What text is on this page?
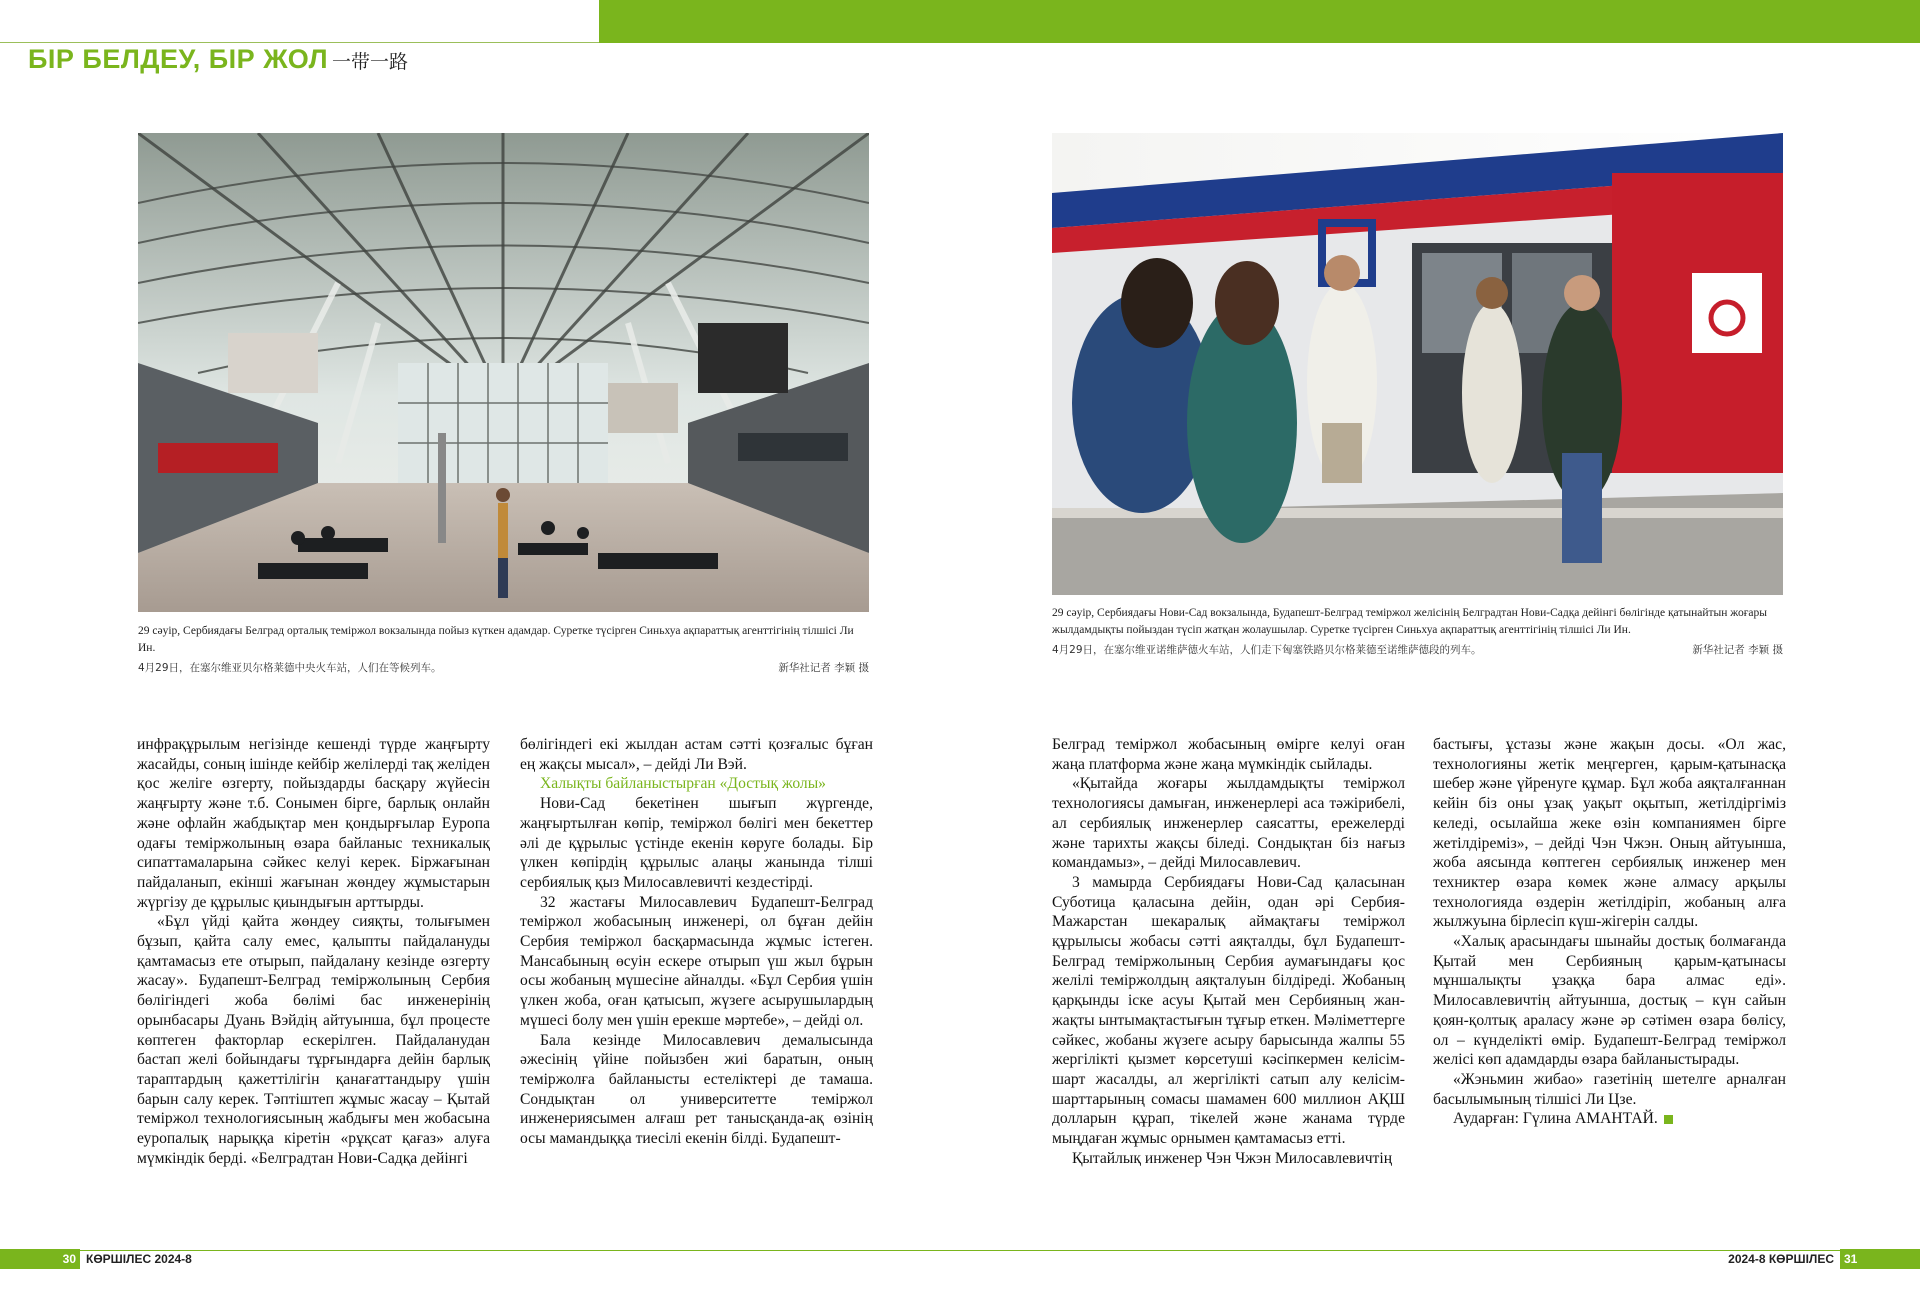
БІР БЕЛДЕУ, БІР ЖОЛ 一带一路
29 сәуір, Сербиядағы Белград орталық теміржол вокзалында пойыз күткен адамдар. Суретке түсірген Синьхуа ақпараттық агенттігінің тілшісі Ли Ин.
4月29日，在塞尔维亚贝尔格莱德中央火车站，人们在等候列车。	新华社记者 李颖 摄
29 сәуір, Сербиядағы Нови-Сад вокзалында, Будапешт-Белград теміржол желісінің Белградтан Нови-Садқа дейінгі бөлігінде қатынайтын жоғары жылдамдықты пойыздан түсіп жатқан жолаушылар. Суретке түсірген Синьхуа ақпараттық агенттігінің тілшісі Ли Ин.
4月29日，在塞尔维亚诺维萨德火车站，人们走下匈塞铁路贝尔格莱德至诺维萨德段的列车。	新华社记者 李颖 摄

инфрақұрылым негізінде кешенді түрде жаңғырту жасайды, соның ішінде кейбір желілерді тақ желіден қос желіге өзгерту, пойыздарды басқару жүйесін жаңғырту және т.б. Сонымен бірге, барлық онлайн және офлайн жабдықтар мен қондырғылар Еуропа одағы теміржолының өзара байланыс техникалық сипаттамаларына сәйкес келуі керек. Біржағынан пайдаланып, екіншi жағынан жөндеу жұмыстарын жүргізу де құрылыс қиындығын арттырды.

«Бұл үйді қайта жөндеу сияқты, толығымен бұзып, қайта салу емес, қалыпты пайдалануды қамтамасыз ете отырып, пайдалану кезінде өзгерту жасау». Будапешт-Белград теміржолының Сербия бөлігіндегі жоба бөлімі бас инженерінің орынбасары Дуань Вэйдің айтуынша, бұл процесте көптеген факторлар ескерілген. Пайдаланудан бастап желі бойындағы тұрғындарға дейін барлық тараптардың қажеттілігін қанағаттандыру үшін барын салу керек. Тәптіштеп жұмыс жасау – Қытай теміржол технологиясының жабдығы мен жобасына еуропалық нарыққа кіретін «рұқсат қағаз» алуға мүмкіндік берді. «Белградтан Нови-Садқа дейінгі

бөлігіндегі екі жылдан астам сәтті қозғалыс бұған ең жақсы мысал», – дейді Ли Вэй.

Халықты байланыстырған «Достық жолы»

Нови-Сад бекетінен шығып жүргенде, жаңғыртылған көпір, теміржол бөлігі мен бекеттер әлі де құрылыс үстінде екенін көруге болады. Бір үлкен көпірдің құрылыс алаңы жанында тілші сербиялық қыз Милосавлевичті кездестірді.

32 жастағы Милосавлевич Будапешт-Белград теміржол жобасының инженері, ол бұған дейін Сербия теміржол басқармасында жұмыс істеген. Мансабының өсуін ескере отырып үш жыл бұрын осы жобаның мүшесіне айналды. «Бұл Сербия үшін үлкен жоба, оған қатысып, жүзеге асырушылардың мүшесі болу мен үшін ерекше мәртебе», – дейді ол.

Бала кезінде Милосавлевич демалысында әжесінің үйіне пойызбен жиі баратын, оның теміржолға байланысты естеліктері де тамаша. Сондықтан ол университетте теміржол инженериясымен алғаш рет танысқанда-ақ өзінің осы мамандыққа тиесілі екенін білді. Будапешт-

Белград теміржол жобасының өмірге келуі оған жаңа платформа және жаңа мүмкіндік сыйлады.

«Қытайда жоғары жылдамдықты теміржол технологиясы дамыған, инженерлері аса тәжірибелі, ал сербиялық инженерлер саясатты, ережелерді және тарихты жақсы біледі. Сондықтан біз нағыз командамыз», – дейді Милосавлевич.

3 мамырда Сербиядағы Нови-Сад қаласынан Суботица қаласына дейін, одан әрі Сербия-Мажарстан шекаралық аймақтағы теміржол құрылысы жобасы сәтті аяқталды, бұл Будапешт-Белград теміржолының Сербия аумағындағы қос желілі теміржолдың аяқталуын білдіреді. Жобаның қарқынды іске асуы Қытай мен Сербияның жан-жақты ынтымақтастығын тұғыр еткен. Мәліметтерге сәйкес, жобаны жүзеге асыру барысында жалпы 55 жергілікті қызмет көрсетуші кәсіпкермен келісім-шарт жасалды, ал жергілікті сатып алу келісім-шарттарының сомасы шамамен 600 миллион АҚШ долларын құрап, тікелей және жанама түрде мыңдаған жұмыс орнымен қамтамасыз етті.

Қытайлық инженер Чэн Чжэн Милосавлевичтің

бастығы, ұстазы және жақын досы. «Ол жас, технологияны жетік меңгерген, қарым-қатынасқа шебер және үйренуге құмар. Бұл жоба аяқталғаннан кейін біз оны ұзақ уақыт оқытып, жетілдіргіміз келеді, осылайша жеке өзін компаниямен бірге жетілдіреміз», – дейді Чэн Чжэн. Оның айтуынша, жоба аясында көптеген сербиялық инженер мен техниктер өзара көмек және алмасу арқылы технологияда өздерін жетілдіріп, жобаның алға жылжуына бірлесіп күш-жігерін салды.

«Халық арасындағы шынайы достық болмағанда Қытай мен Сербияның қарым-қатынасы мұншалықты ұзаққа бара алмас еді». Милосавлевичтің айтуынша, достық – күн сайын қоян-қолтық араласу және әр сәтімен өзара бөлісу, ол – күнделікті өмір. Будапешт-Белград теміржол желісі көп адамдарды өзара байланыстырады.

«Жэньмин жибао» газетінің шетелге арналған басылымының тілшісі Ли Цзе.

Аударған: Гүлина АМАНТАЙ.

30 КӨРШІЛЕС 2024-8	2024-8 КӨРШІЛЕС 31
